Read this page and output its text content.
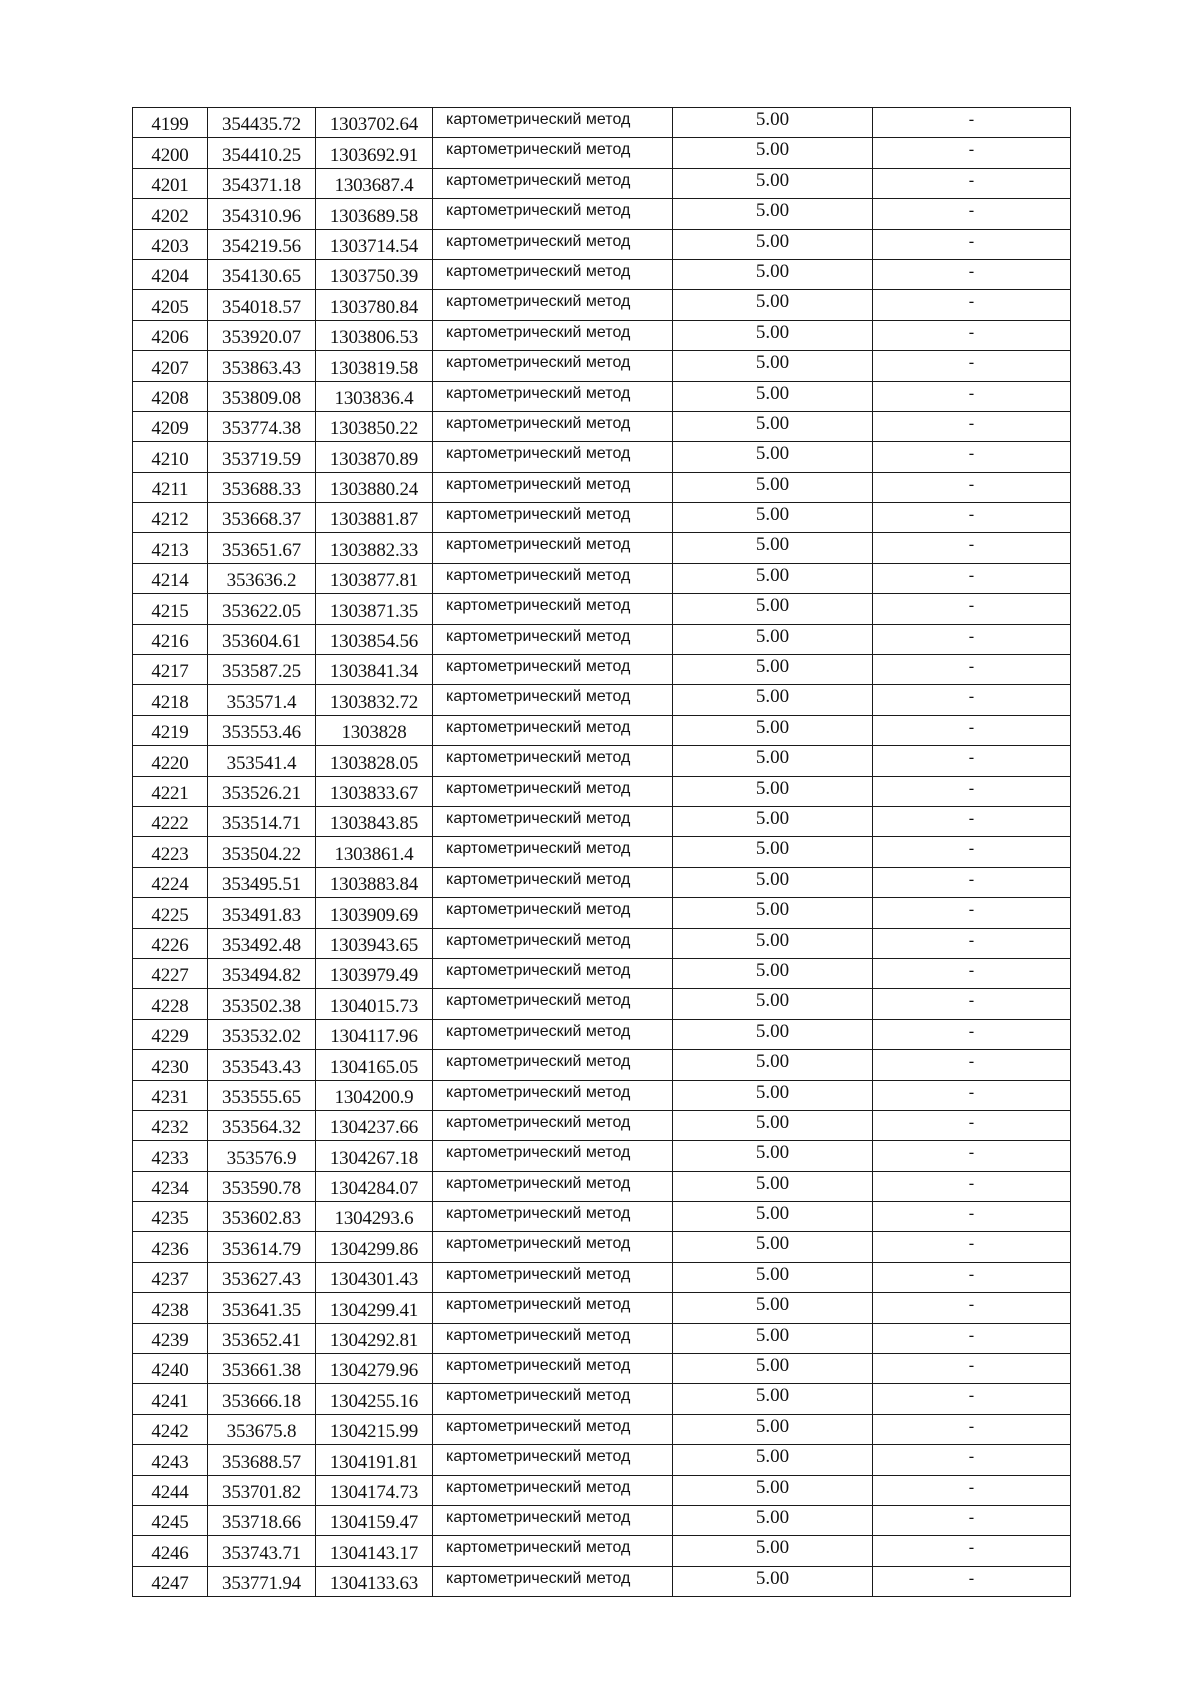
4199	354435.72	1303702.64	картометрический метод	5.00	-
4200	354410.25	1303692.91	картометрический метод	5.00	-
4201	354371.18	1303687.4	картометрический метод	5.00	-
4202	354310.96	1303689.58	картометрический метод	5.00	-
4203	354219.56	1303714.54	картометрический метод	5.00	-
4204	354130.65	1303750.39	картометрический метод	5.00	-
4205	354018.57	1303780.84	картометрический метод	5.00	-
4206	353920.07	1303806.53	картометрический метод	5.00	-
4207	353863.43	1303819.58	картометрический метод	5.00	-
4208	353809.08	1303836.4	картометрический метод	5.00	-
4209	353774.38	1303850.22	картометрический метод	5.00	-
4210	353719.59	1303870.89	картометрический метод	5.00	-
4211	353688.33	1303880.24	картометрический метод	5.00	-
4212	353668.37	1303881.87	картометрический метод	5.00	-
4213	353651.67	1303882.33	картометрический метод	5.00	-
4214	353636.2	1303877.81	картометрический метод	5.00	-
4215	353622.05	1303871.35	картометрический метод	5.00	-
4216	353604.61	1303854.56	картометрический метод	5.00	-
4217	353587.25	1303841.34	картометрический метод	5.00	-
4218	353571.4	1303832.72	картометрический метод	5.00	-
4219	353553.46	1303828	картометрический метод	5.00	-
4220	353541.4	1303828.05	картометрический метод	5.00	-
4221	353526.21	1303833.67	картометрический метод	5.00	-
4222	353514.71	1303843.85	картометрический метод	5.00	-
4223	353504.22	1303861.4	картометрический метод	5.00	-
4224	353495.51	1303883.84	картометрический метод	5.00	-
4225	353491.83	1303909.69	картометрический метод	5.00	-
4226	353492.48	1303943.65	картометрический метод	5.00	-
4227	353494.82	1303979.49	картометрический метод	5.00	-
4228	353502.38	1304015.73	картометрический метод	5.00	-
4229	353532.02	1304117.96	картометрический метод	5.00	-
4230	353543.43	1304165.05	картометрический метод	5.00	-
4231	353555.65	1304200.9	картометрический метод	5.00	-
4232	353564.32	1304237.66	картометрический метод	5.00	-
4233	353576.9	1304267.18	картометрический метод	5.00	-
4234	353590.78	1304284.07	картометрический метод	5.00	-
4235	353602.83	1304293.6	картометрический метод	5.00	-
4236	353614.79	1304299.86	картометрический метод	5.00	-
4237	353627.43	1304301.43	картометрический метод	5.00	-
4238	353641.35	1304299.41	картометрический метод	5.00	-
4239	353652.41	1304292.81	картометрический метод	5.00	-
4240	353661.38	1304279.96	картометрический метод	5.00	-
4241	353666.18	1304255.16	картометрический метод	5.00	-
4242	353675.8	1304215.99	картометрический метод	5.00	-
4243	353688.57	1304191.81	картометрический метод	5.00	-
4244	353701.82	1304174.73	картометрический метод	5.00	-
4245	353718.66	1304159.47	картометрический метод	5.00	-
4246	353743.71	1304143.17	картометрический метод	5.00	-
4247	353771.94	1304133.63	картометрический метод	5.00	-
